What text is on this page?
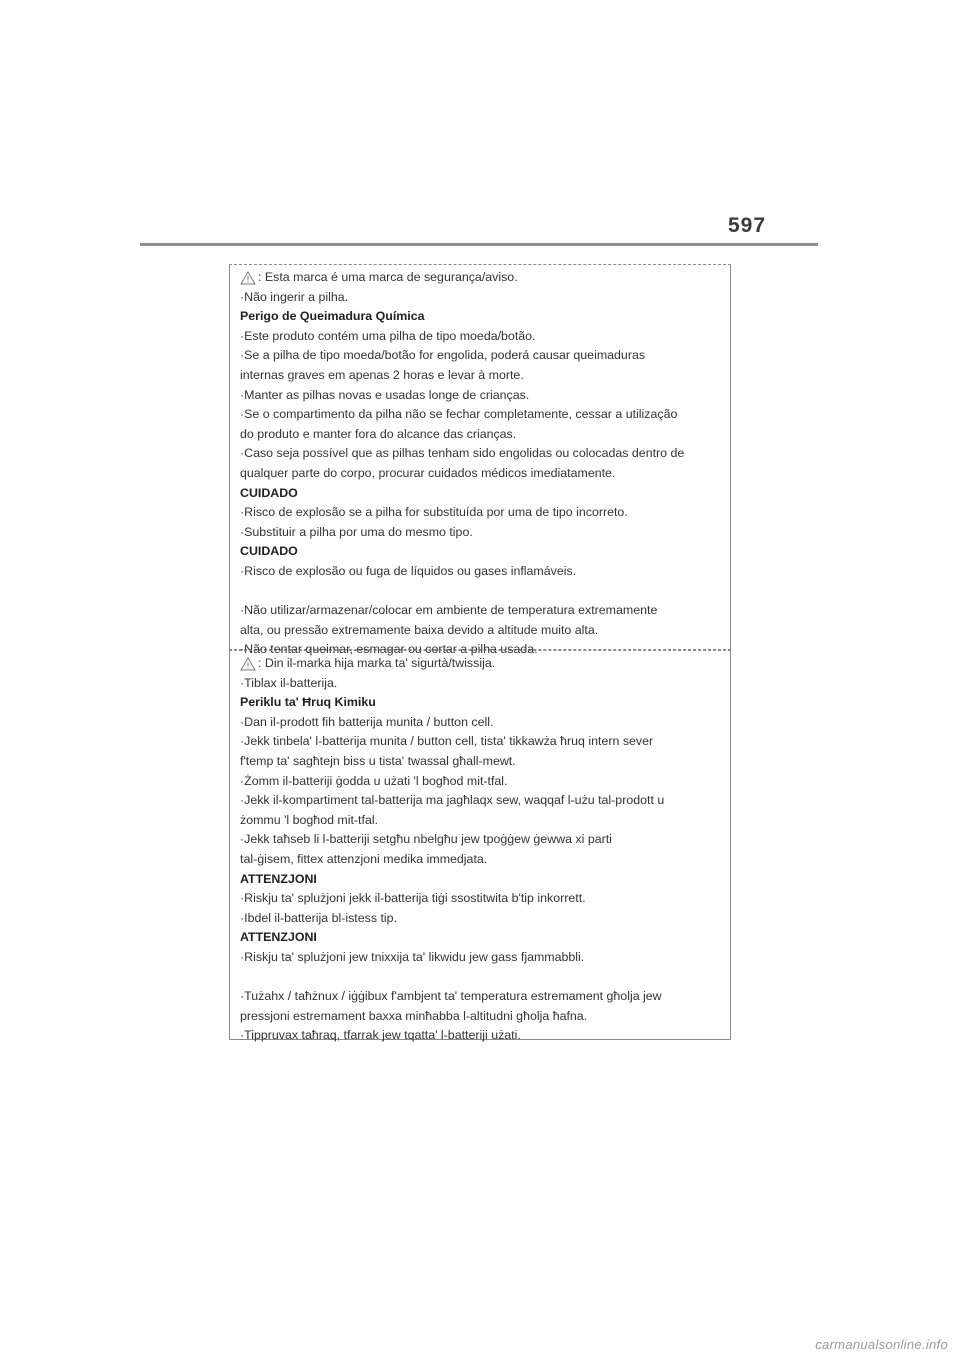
597
: Esta marca é uma marca de segurança/aviso.
·Não ingerir a pilha.
Perigo de Queimadura Química
·Este produto contém uma pilha de tipo moeda/botão.
·Se a pilha de tipo moeda/botão for engolida, poderá causar queimaduras
internas graves em apenas 2 horas e levar à morte.
·Manter as pilhas novas e usadas longe de crianças.
·Se o compartimento da pilha não se fechar completamente, cessar a utilização
do produto e manter fora do alcance das crianças.
·Caso seja possível que as pilhas tenham sido engolidas ou colocadas dentro de
qualquer parte do corpo, procurar cuidados médicos imediatamente.
CUIDADO
·Risco de explosão se a pilha for substituída por uma de tipo incorreto.
·Substituir a pilha por uma do mesmo tipo.
CUIDADO
·Risco de explosão ou fuga de líquidos ou gases inflamáveis.
·Não utilizar/armazenar/colocar em ambiente de temperatura extremamente
alta, ou pressão extremamente baixa devido a altitude muito alta.
·Não tentar queimar, esmagar ou cortar a pilha usada.
: Din il-marka hija marka ta' sigurtà/twissija.
·Tiblax il-batterija.
Periklu ta' Ħruq Kimiku
·Dan il-prodott fih batterija munita / button cell.
·Jekk tinbela' l-batterija munita / button cell, tista' tikkawża ħruq intern sever
f'temp ta' sagħtejn biss u tista' twassal għall-mewt.
·Żomm il-batteriji ġodda u użati 'l bogħod mit-tfal.
·Jekk il-kompartiment tal-batterija ma jagħlaqx sew, waqqaf l-użu tal-prodott u
żommu 'l bogħod mit-tfal.
·Jekk taħseb li l-batteriji setgħu nbelgħu jew tpoġġew ġewwa xi parti
tal-ġisem, fittex attenzjoni medika immedjata.
ATTENZJONI
·Riskju ta' splużjoni jekk il-batterija tiġi ssostitwita b'tip inkorrett.
·Ibdel il-batterija bl-istess tip.
ATTENZJONI
·Riskju ta' splużjoni jew tnixxija ta' likwidu jew gass fjammabbli.
·Tużahx / taħżnux / iġġibux f'ambjent ta' temperatura estremament għolja jew
pressjoni estremament baxxa minħabba l-altitudni għolja ħafna.
·Tippruvax taħraq, tfarrak jew tqatta' l-batteriji użati.
carmanualsonline.info
